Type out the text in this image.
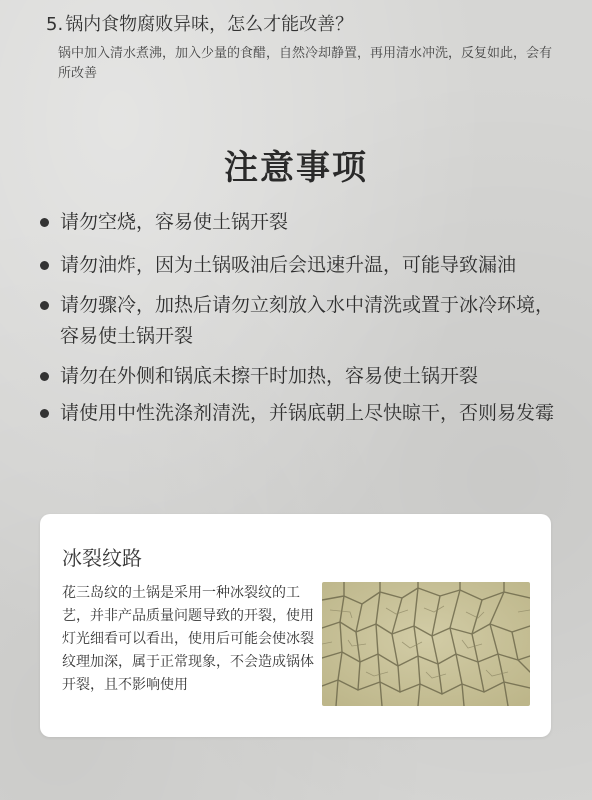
5. 锅内食物腐败异味，怎么才能改善？

锅中加入清水煮沸，加入少量的食醋，自然冷却静置，再用清水冲洗，反复如此，会有所改善

注意事项
请勿空烧，容易使土锅开裂
请勿油炸，因为土锅吸油后会迅速升温，可能导致漏油
请勿骤冷，加热后请勿立刻放入水中清洗或置于冰冷环境，容易使土锅开裂
请勿在外侧和锅底未擦干时加热，容易使土锅开裂
请使用中性洗涤剂清洗，并锅底朝上尽快晾干，否则易发霉
冰裂纹路

花三岛纹的土锅是采用一种冰裂纹的工艺，并非产品质量问题导致的开裂，使用灯光细看可以看出，使用后可能会使冰裂纹理加深，属于正常现象，不会造成锅体开裂，且不影响使用
